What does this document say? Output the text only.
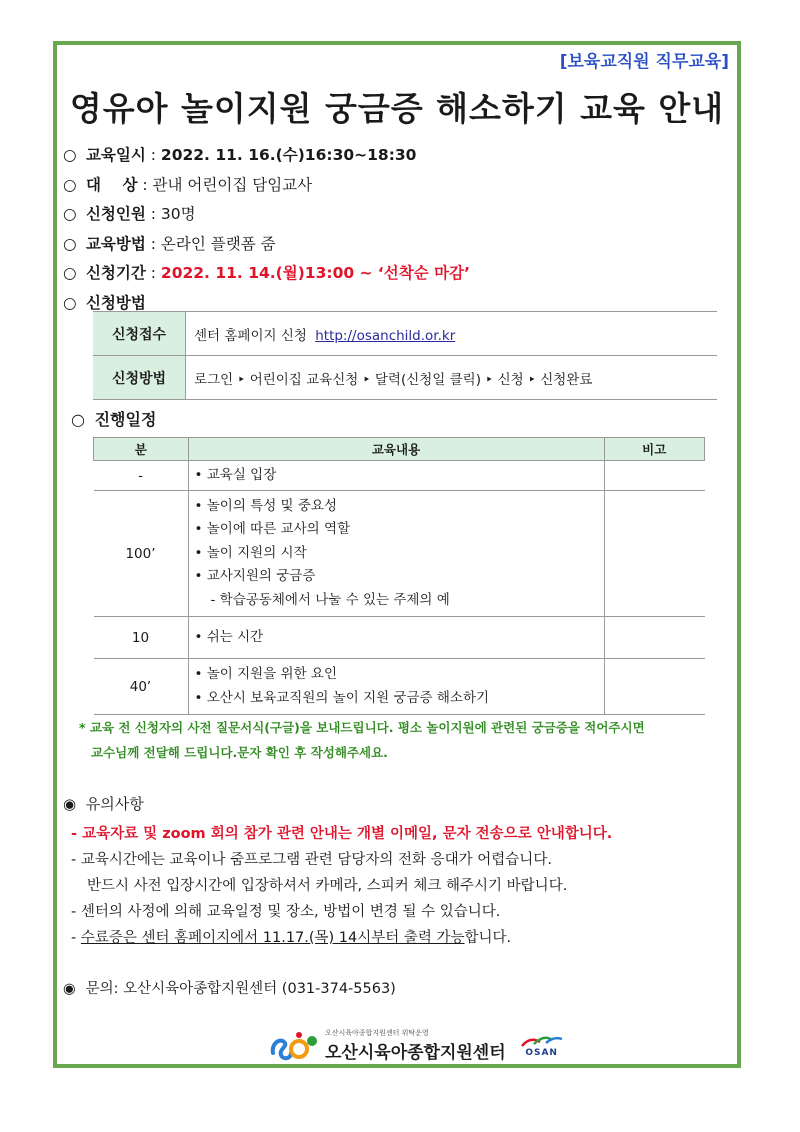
[보육교직원 직무교육]
영유아 놀이지원 궁금증 해소하기 교육 안내
○ 교육일시 : 2022. 11. 16.(수)16:30~18:30
○ 대    상 : 관내 어린이집 담임교사
○ 신청인원 : 30명
○ 교육방법 : 온라인 플랫폼 줌
○ 신청기간 : 2022. 11. 14.(월)13:00 ~ ‘선착순 마감’
○ 신청방법
신청접수	센터 홈페이지 신청 http://osanchild.or.kr
신청방법	로그인 ‣ 어린이집 교육신청 ‣ 달력(신청일 클릭) ‣ 신청 ‣ 신청완료
○ 진행일정
분	교육내용	비고
-	• 교육실 입장	

100’	• 놀이의 특성 및 중요성
• 놀이에 따른 교사의 역할
• 놀이 지원의 시작
• 교사지원의 궁금증
- 학습공동체에서 나눌 수 있는 주제의 예	

10	• 쉬는 시간	

40’	• 놀이 지원을 위한 요인
• 오산시 보육교직원의 놀이 지원 궁금증 해소하기	

* 교육 전 신청자의 사전 질문서식(구글)을 보내드립니다. 평소 놀이지원에 관련된 궁금증을 적어주시면
교수님께 전달해 드립니다.문자 확인 후 작성해주세요.
◉ 유의사항
- 교육자료 및 zoom 회의 참가 관련 안내는 개별 이메일, 문자 전송으로 안내합니다.
- 교육시간에는 교육이나 줌프로그램 관련 담당자의 전화 응대가 어렵습니다.
반드시 사전 입장시간에 입장하셔서 카메라, 스피커 체크 해주시기 바랍니다.
- 센터의 사정에 의해 교육일정 및 장소, 방법이 변경 될 수 있습니다.
- 수료증은 센터 홈페이지에서 11.17.(목) 14시부터 출력 가능합니다.
◉ 문의: 오산시육아종합지원센터 (031-374-5563)
오산시육아종합지원센터 위탁운영
오산시육아종합지원센터 OSAN
